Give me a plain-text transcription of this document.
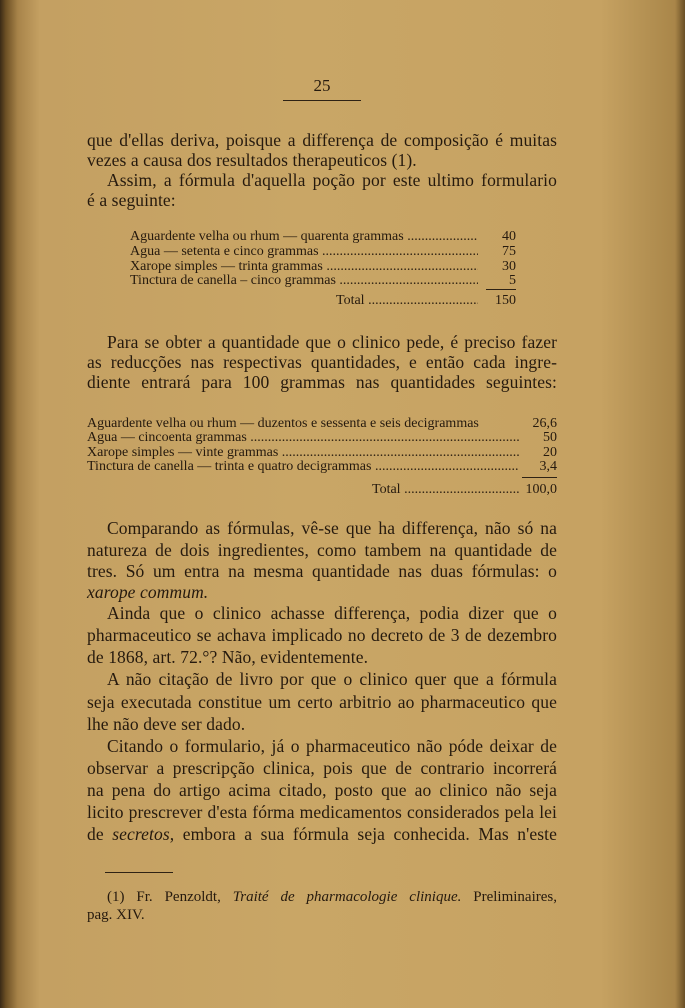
25
que d'ellas deriva, poisque a differença de composição é muitas
vezes a causa dos resultados therapeuticos (1).
Assim, a fórmula d'aquella poção por este ultimo formulario
é a seguinte:
Aguardente velha ou rhum — quarenta grammas .....	40
Agua — setenta e cinco grammas .....	75
Xarope simples — trinta grammas .....	30
Tinctura de canella – cinco grammas .....	5
Total .....	150
Para se obter a quantidade que o clinico pede, é preciso fazer
as reducções nas respectivas quantidades, e então cada ingre-
diente entrará para 100 grammas nas quantidades seguintes:
Aguardente velha ou rhum — duzentos e sessenta e seis decigrammas	26,6
Agua — cincoenta grammas .....	50
Xarope simples — vinte grammas .....	20
Tinctura de canella — trinta e quatro decigrammas .....	3,4
Total .....	100,0
Comparando as fórmulas, vê-se que ha differença, não só na
natureza de dois ingredientes, como tambem na quantidade de
tres. Só um entra na mesma quantidade nas duas fórmulas: o
xarope commum.
Ainda que o clinico achasse differença, podia dizer que o
pharmaceutico se achava implicado no decreto de 3 de dezembro
de 1868, art. 72.°? Não, evidentemente.
A não citação de livro por que o clinico quer que a fórmula
seja executada constitue um certo arbitrio ao pharmaceutico que
lhe não deve ser dado.
Citando o formulario, já o pharmaceutico não póde deixar de
observar a prescripção clinica, pois que de contrario incorrerá
na pena do artigo acima citado, posto que ao clinico não seja
licito prescrever d'esta fórma medicamentos considerados pela lei
de secretos, embora a sua fórmula seja conhecida. Mas n'este
(1) Fr. Penzoldt, Traité de pharmacologie clinique. Preliminaires,
pag. XIV.
